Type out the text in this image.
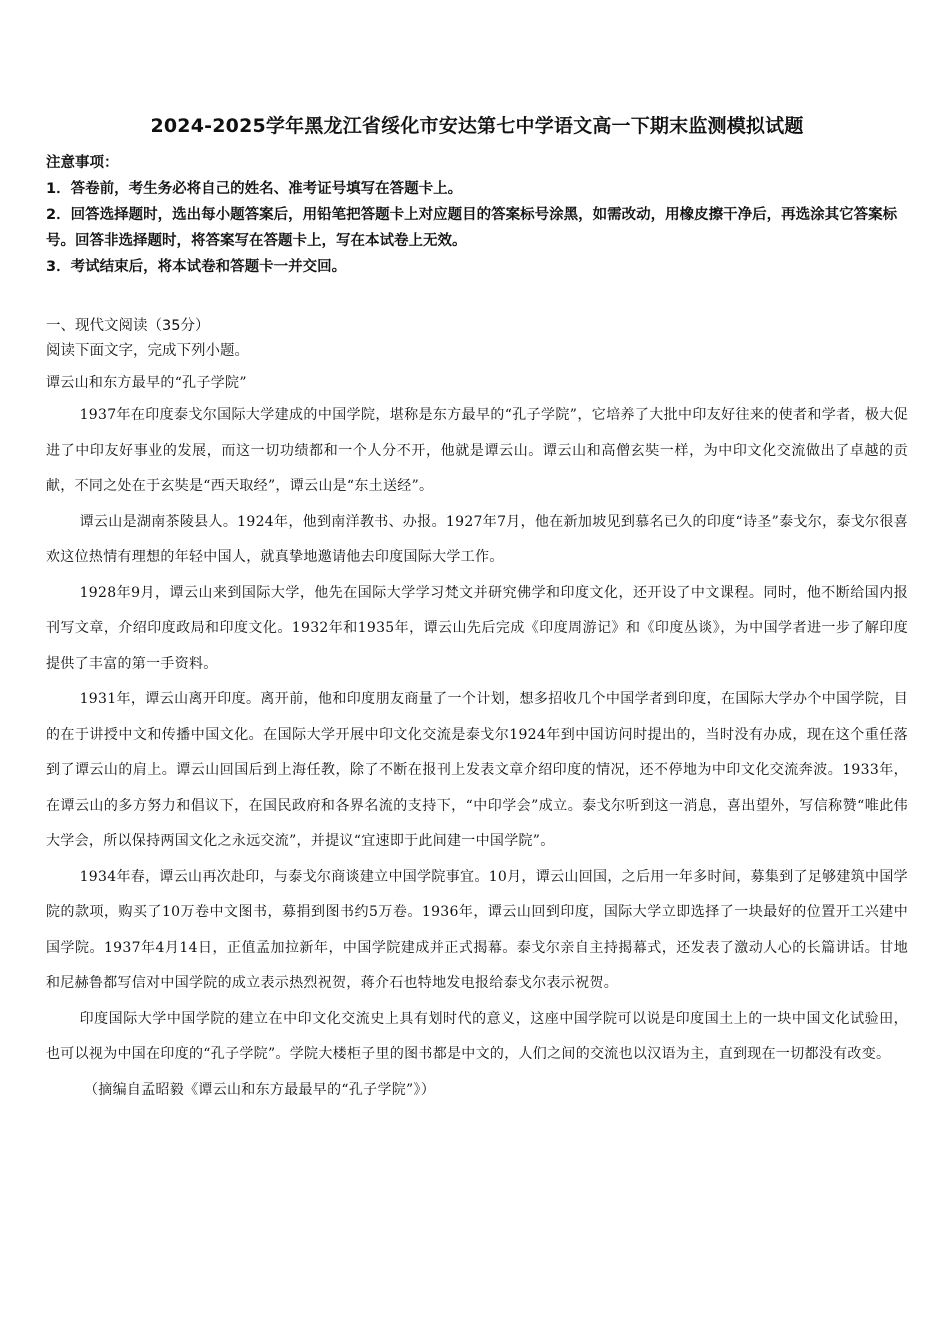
2024-2025学年黑龙江省绥化市安达第七中学语文高一下期末监测模拟试题

注意事项：

1．答卷前，考生务必将自己的姓名、准考证号填写在答题卡上。

2．回答选择题时，选出每小题答案后，用铅笔把答题卡上对应题目的答案标号涂黑，如需改动，用橡皮擦干净后，再选涂其它答案标号。回答非选择题时，将答案写在答题卡上，写在本试卷上无效。

3．考试结束后，将本试卷和答题卡一并交回。

一、现代文阅读（35分）
阅读下面文字，完成下列小题。

谭云山和东方最早的“孔子学院”

1937年在印度泰戈尔国际大学建成的中国学院，堪称是东方最早的“孔子学院”，它培养了大批中印友好往来的使者和学者，极大促进了中印友好事业的发展，而这一切功绩都和一个人分不开，他就是谭云山。谭云山和高僧玄奘一样，为中印文化交流做出了卓越的贡献，不同之处在于玄奘是“西天取经”，谭云山是“东土送经”。

谭云山是湖南茶陵县人。1924年，他到南洋教书、办报。1927年7月，他在新加坡见到慕名已久的印度“诗圣”泰戈尔，泰戈尔很喜欢这位热情有理想的年轻中国人，就真挚地邀请他去印度国际大学工作。

1928年9月，谭云山来到国际大学，他先在国际大学学习梵文并研究佛学和印度文化，还开设了中文课程。同时，他不断给国内报刊写文章，介绍印度政局和印度文化。1932年和1935年，谭云山先后完成《印度周游记》和《印度丛谈》，为中国学者进一步了解印度提供了丰富的第一手资料。

1931年，谭云山离开印度。离开前，他和印度朋友商量了一个计划，想多招收几个中国学者到印度，在国际大学办个中国学院，目的在于讲授中文和传播中国文化。在国际大学开展中印文化交流是泰戈尔1924年到中国访问时提出的，当时没有办成，现在这个重任落到了谭云山的肩上。谭云山回国后到上海任教，除了不断在报刊上发表文章介绍印度的情况，还不停地为中印文化交流奔波。1933年，在谭云山的多方努力和倡议下，在国民政府和各界名流的支持下，“中印学会”成立。泰戈尔听到这一消息，喜出望外，写信称赞“唯此伟大学会，所以保持两国文化之永远交流”，并提议“宜速即于此间建一中国学院”。

1934年春，谭云山再次赴印，与泰戈尔商谈建立中国学院事宜。10月，谭云山回国，之后用一年多时间，募集到了足够建筑中国学院的款项，购买了10万卷中文图书，募捐到图书约5万卷。1936年，谭云山回到印度，国际大学立即选择了一块最好的位置开工兴建中国学院。1937年4月14日，正值孟加拉新年，中国学院建成并正式揭幕。泰戈尔亲自主持揭幕式，还发表了激动人心的长篇讲话。甘地和尼赫鲁都写信对中国学院的成立表示热烈祝贺，蒋介石也特地发电报给泰戈尔表示祝贺。

印度国际大学中国学院的建立在中印文化交流史上具有划时代的意义，这座中国学院可以说是印度国土上的一块中国文化试验田，也可以视为中国在印度的“孔子学院”。学院大楼柜子里的图书都是中文的，人们之间的交流也以汉语为主，直到现在一切都没有改变。

（摘编自孟昭毅《谭云山和东方最最早的“孔子学院”》）
